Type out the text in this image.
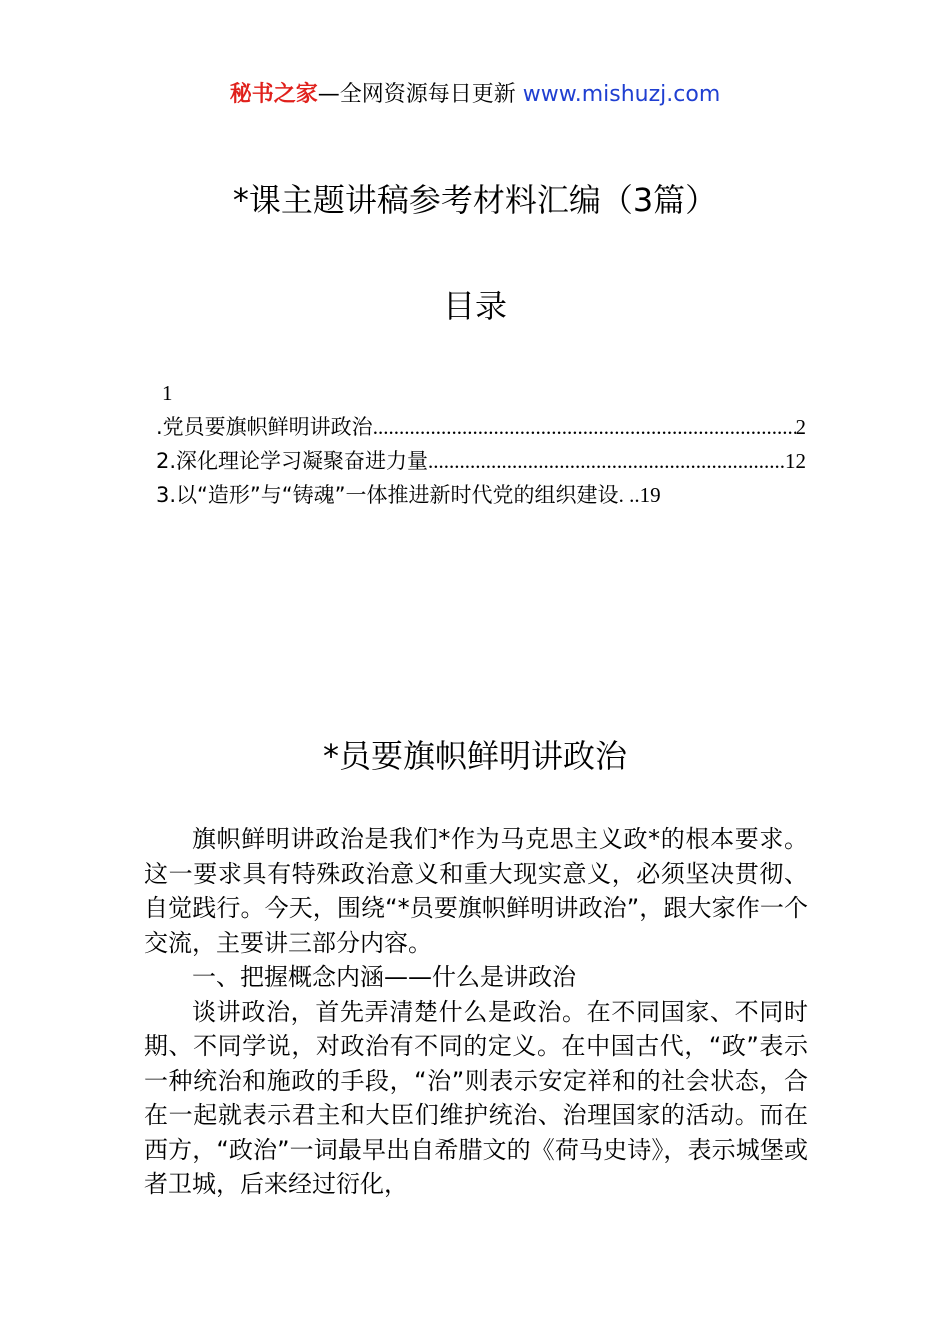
秘书之家—全网资源每日更新 www.mishuzj.com
*课主题讲稿参考材料汇编（3篇）
目录
1
.党员要旗帜鲜明讲政治 .....	2
2.深化理论学习凝聚奋进力量 .....	12
3.以“造形”与“铸魂”一体推进新时代党的组织建设 . . .19
*员要旗帜鲜明讲政治

旗帜鲜明讲政治是我们*作为马克思主义政*的根本要求。这一要求具有特殊政治意义和重大现实意义，必须坚决贯彻、自觉践行。今天，围绕“*员要旗帜鲜明讲政治”，跟大家作一个交流，主要讲三部分内容。

一、把握概念内涵——什么是讲政治

谈讲政治，首先弄清楚什么是政治。在不同国家、不同时期、不同学说，对政治有不同的定义。在中国古代，“政”表示一种统治和施政的手段，“治”则表示安定祥和的社会状态，合在一起就表示君主和大臣们维护统治、治理国家的活动。而在西方，“政治”一词最早出自希腊文的《荷马史诗》，表示城堡或者卫城，后来经过衍化，
